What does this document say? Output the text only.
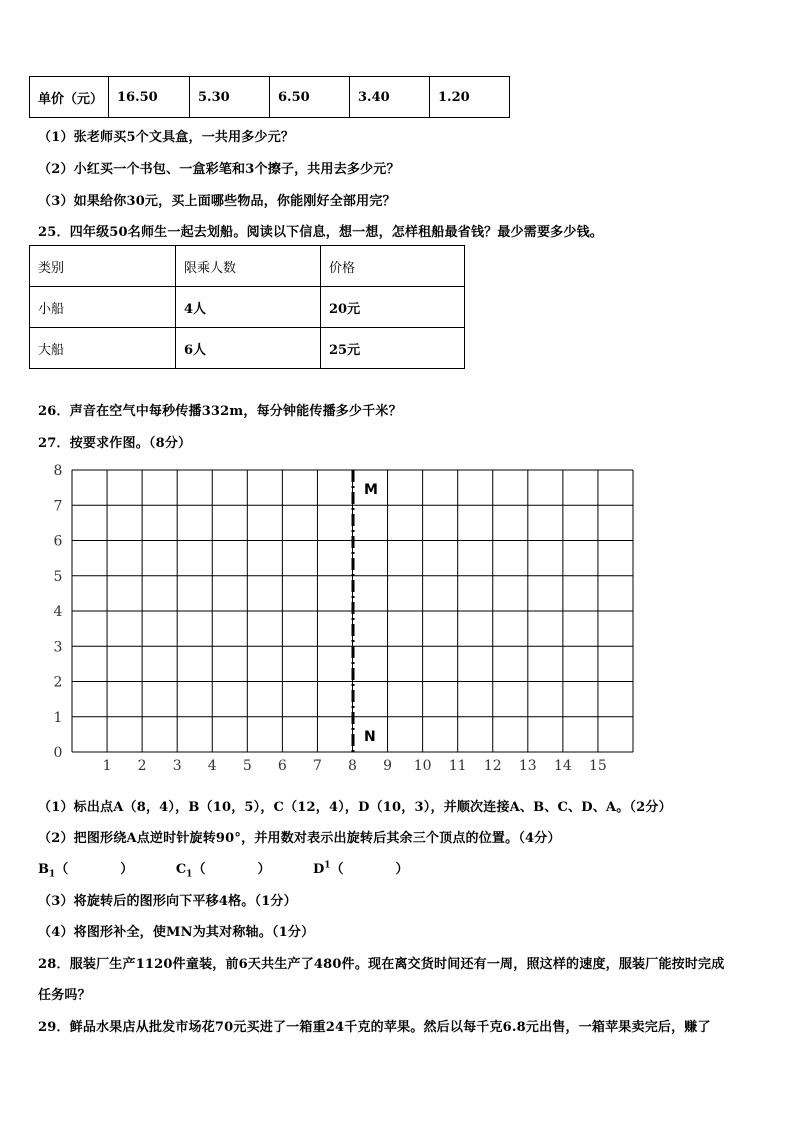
单价（元）	16.50	5.30	6.50	3.40	1.20
（1）张老师买5个文具盒，一共用多少元？
（2）小红买一个书包、一盒彩笔和3个擦子，共用去多少元？
（3）如果给你30元，买上面哪些物品，你能刚好全部用完？
25．四年级50名师生一起去划船。阅读以下信息，想一想，怎样租船最省钱？最少需要多少钱。
类别	限乘人数	价格
小船	4人	20元
大船	6人	25元
26．声音在空气中每秒传播332m，每分钟能传播多少千米？
27．按要求作图。（8分）
M
N
1 2 3 4 5 6 7 8 9 10 11 12 13 14 15
0
1
2
3
4
5
6
7
8
（1）标出点A（8，4），B（10，5），C（12，4），D（10，3），并顺次连接A、B、C、D、A。（2分）
（2）把图形绕A点逆时针旋转90°，并用数对表示出旋转后其余三个顶点的位置。（4分）
$B_1$（　　　　）	$C_1$（　　　　）	$D^1$（　　　　）
（3）将旋转后的图形向下平移4格。（1分）
（4）将图形补全，使MN为其对称轴。（1分）
28．服装厂生产1120件童装，前6天共生产了480件。现在离交货时间还有一周，照这样的速度，服装厂能按时完成
任务吗？
29．鲜品水果店从批发市场花70元买进了一箱重24千克的苹果。然后以每千克6.8元出售，一箱苹果卖完后，赚了
